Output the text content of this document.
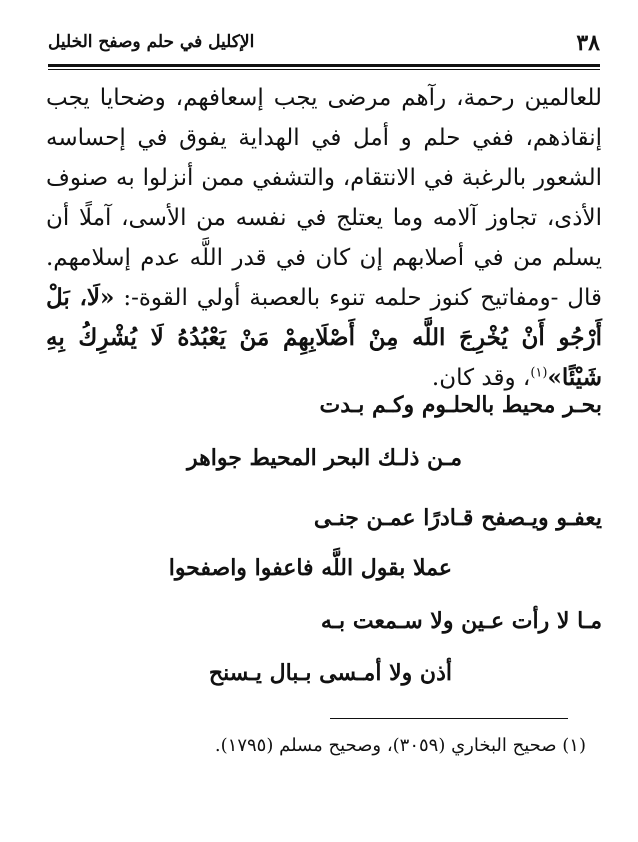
٣٨
الإكليل في حلم وصفح الخليل

للعالمين رحمة، رآهم مرضى يجب إسعافهم، وضحايا يجب إنقاذهم، ففي حلم و أمل في الهداية يفوق في إحساسه الشعور بالرغبة في الانتقام، والتشفي ممن أنزلوا به صنوف الأذى، تجاوز آلامه وما يعتلج في نفسه من الأسى، آملًا أن يسلم من في أصلابهم إن كان في قدر اللَّه عدم إسلامهم. قال -ومفاتيح كنوز حلمه تنوء بالعصبة أولي القوة-: «لَا، بَلْ أَرْجُو أَنْ يُخْرِجَ اللَّه مِنْ أَصْلَابِهِمْ مَنْ يَعْبُدُهُ لَا يُشْرِكُ بِهِ شَيْئًا»$^{(١)}$، وقد كان.

بحـر محيط بالحلـوم وكـم بـدت
مـن ذلـك البحر المحيط جواهر
يعفـو ويـصفح قـادرًا عمـن جنـى
عملا بقول اللَّه فاعفوا واصفحوا
مـا لا رأت عـين ولا سـمعت بـه
أذن ولا أمـسى بـبال يـسنح
(١) صحيح البخاري (٣٠٥٩)، وصحيح مسلم (١٧٩٥).
